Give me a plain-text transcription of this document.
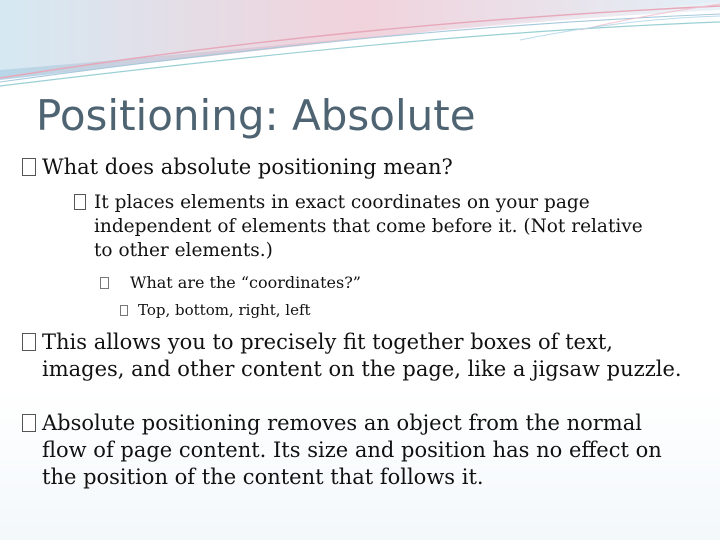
Positioning: Absolute
What does absolute positioning mean?
It places elements in exact coordinates on your page independent of elements that come before it. (Not relative to other elements.)
What are the “coordinates?”
Top, bottom, right, left
This allows you to precisely fit together boxes of text, images, and other content on the page, like a jigsaw puzzle.
Absolute positioning removes an object from the normal flow of page content. Its size and position has no effect on the position of the content that follows it.
